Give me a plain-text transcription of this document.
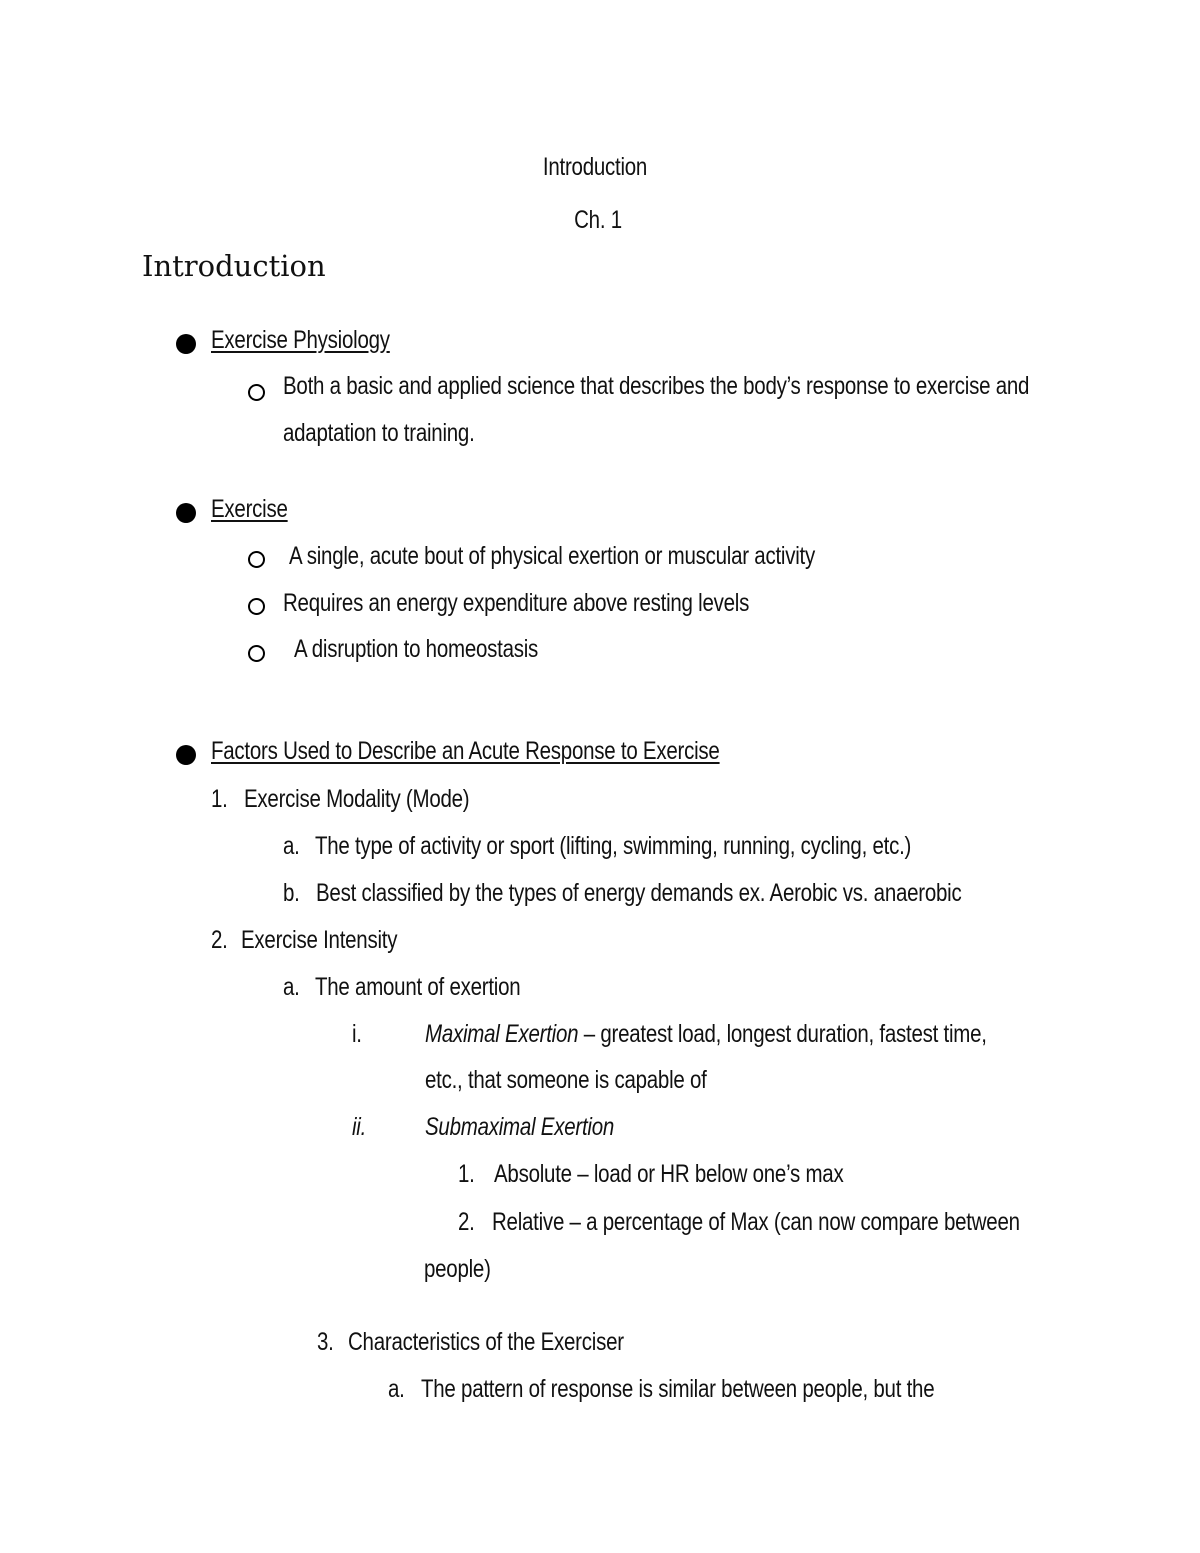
Introduction
Ch. 1
Introduction
Exercise Physiology
Both a basic and applied science that describes the body’s response to exercise and
adaptation to training.
Exercise
A single, acute bout of physical exertion or muscular activity
Requires an energy expenditure above resting levels
A disruption to homeostasis
Factors Used to Describe an Acute Response to Exercise
1. Exercise Modality (Mode)
a. The type of activity or sport (lifting, swimming, running, cycling, etc.)
b. Best classified by the types of energy demands ex. Aerobic vs. anaerobic
2. Exercise Intensity
a. The amount of exertion
i.	Maximal Exertion – greatest load, longest duration, fastest time,
etc., that someone is capable of
ii. Submaximal Exertion
1. Absolute – load or HR below one’s max
2. Relative – a percentage of Max (can now compare between
people)
3. Characteristics of the Exerciser
a. The pattern of response is similar between people, but the
